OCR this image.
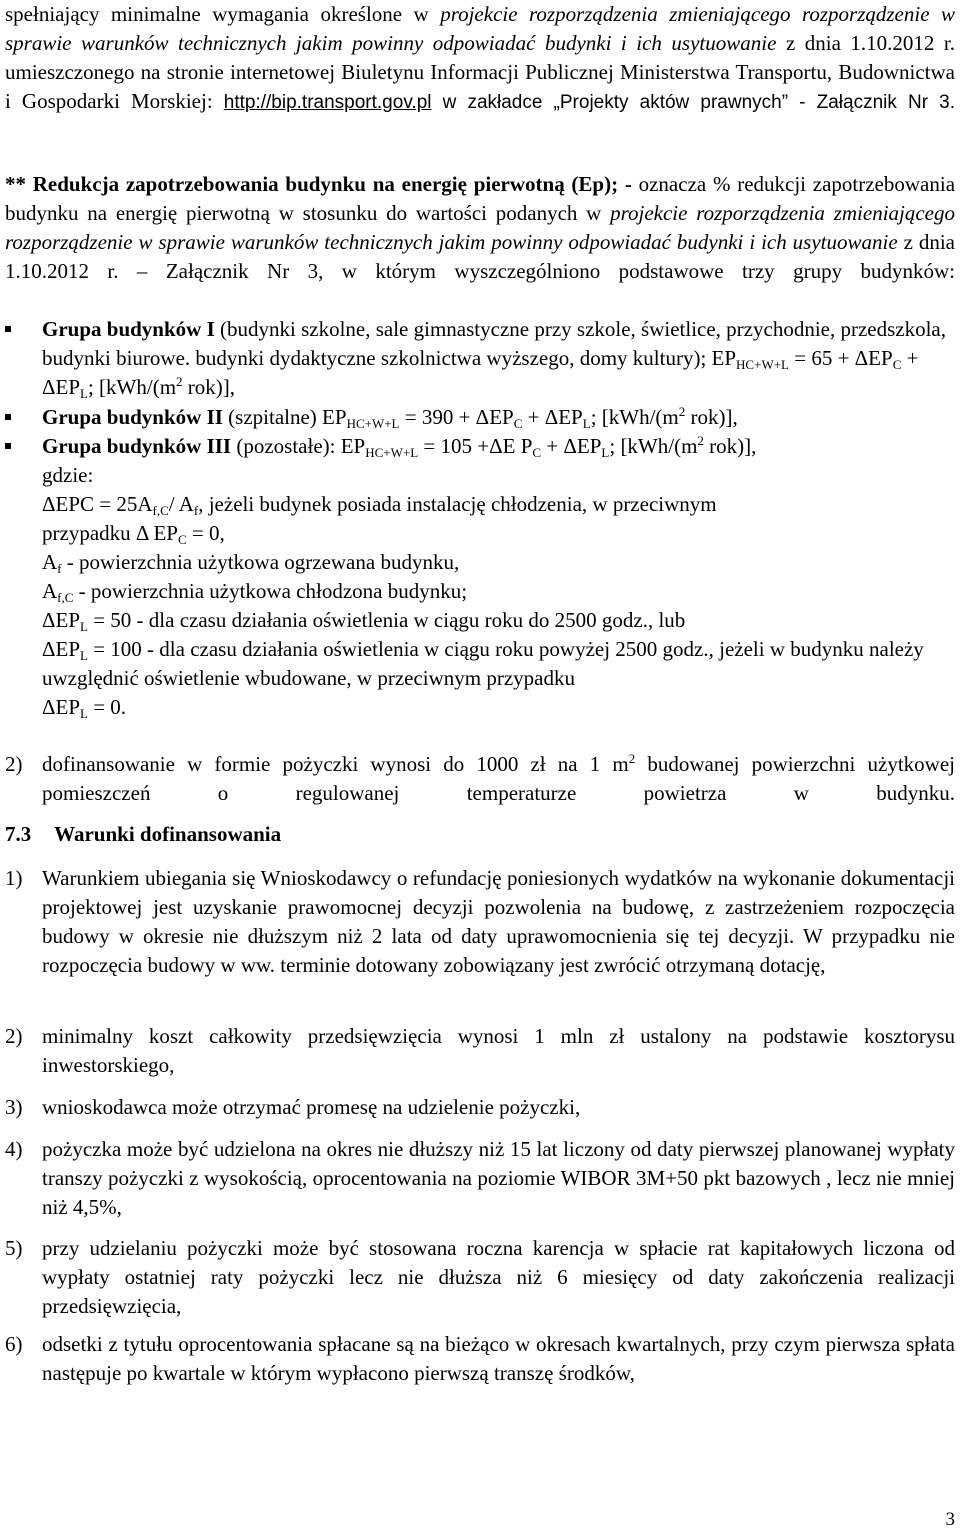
spełniający minimalne wymagania określone w projekcie rozporządzenia zmieniającego rozporządzenie w sprawie warunków technicznych jakim powinny odpowiadać budynki i ich usytuowanie z dnia 1.10.2012 r. umieszczonego na stronie internetowej Biuletynu Informacji Publicznej Ministerstwa Transportu, Budownictwa i Gospodarki Morskiej: http://bip.transport.gov.pl w zakładce „Projekty aktów prawnych” - Załącznik Nr 3.

** Redukcja zapotrzebowania budynku na energię pierwotną (Ep); - oznacza % redukcji zapotrzebowania budynku na energię pierwotną w stosunku do wartości podanych w projekcie rozporządzenia zmieniającego rozporządzenie w sprawie warunków technicznych jakim powinny odpowiadać budynki i ich usytuowanie z dnia 1.10.2012 r. – Załącznik Nr 3, w którym wyszczególniono podstawowe trzy grupy budynków:

Grupa budynków I (budynki szkolne, sale gimnastyczne przy szkole, świetlice, przychodnie, przedszkola, budynki biurowe. budynki dydaktyczne szkolnictwa wyższego, domy kultury); $EP_{HC+W+L} = 65 + \Delta EP_C + \Delta EP_L$; [$kWh/(m^2$ rok)],

Grupa budynków II (szpitalne) $EP_{HC+W+L} = 390 + \Delta EP_C + \Delta EP_L$; [$kWh/(m^2$ rok)],

Grupa budynków III (pozostałe): $EP_{HC+W+L} = 105 +\Delta E$ $P_C + \Delta EP_L$; [$kWh/(m^2$ rok)],

$\Delta EPC = 25A_{f,C}/$ $A_f$, jeżeli budynek posiada instalację chłodzenia, w przeciwnym

przypadku Δ $EP_C = 0$,

$A_f$ - powierzchnia użytkowa ogrzewana budynku,

$A_{f,C}$ - powierzchnia użytkowa chłodzona budynku;

$\Delta EP_L = 50$ - dla czasu działania oświetlenia w ciągu roku do 2500 godz., lub

$\Delta EP_L = 100$ - dla czasu działania oświetlenia w ciągu roku powyżej 2500 godz., jeżeli w budynku należy uwzględnić oświetlenie wbudowane, w przeciwnym przypadku

$\Delta EP_L = 0$.

gdzie:

2) dofinansowanie w formie pożyczki wynosi do 1000 zł na 1 $m^2$ budowanej powierzchni użytkowej pomieszczeń o regulowanej temperaturze powietrza w budynku.

7.3 Warunki dofinansowania
1) Warunkiem ubiegania się Wnioskodawcy o refundację poniesionych wydatków na wykonanie dokumentacji projektowej jest uzyskanie prawomocnej decyzji pozwolenia na budowę, z zastrzeżeniem rozpoczęcia budowy w okresie nie dłuższym niż 2 lata od daty uprawomocnienia się tej decyzji. W przypadku nie rozpoczęcia budowy w ww. terminie dotowany zobowiązany jest zwrócić otrzymaną dotację,

2) minimalny koszt całkowity przedsięwzięcia wynosi 1 mln zł ustalony na podstawie kosztorysu inwestorskiego,

3) wnioskodawca może otrzymać promesę na udzielenie pożyczki,

4) pożyczka może być udzielona na okres nie dłuższy niż 15 lat liczony od daty pierwszej planowanej wypłaty transzy pożyczki z wysokością, oprocentowania na poziomie WIBOR 3M+50 pkt bazowych , lecz nie mniej niż 4,5%,

5) przy udzielaniu pożyczki może być stosowana roczna karencja w spłacie rat kapitałowych liczona od wypłaty ostatniej raty pożyczki lecz nie dłuższa niż 6 miesięcy od daty zakończenia realizacji przedsięwzięcia,

6) odsetki z tytułu oprocentowania spłacane są na bieżąco w okresach kwartalnych, przy czym pierwsza spłata następuje po kwartale w którym wypłacono pierwszą transzę środków,

3
